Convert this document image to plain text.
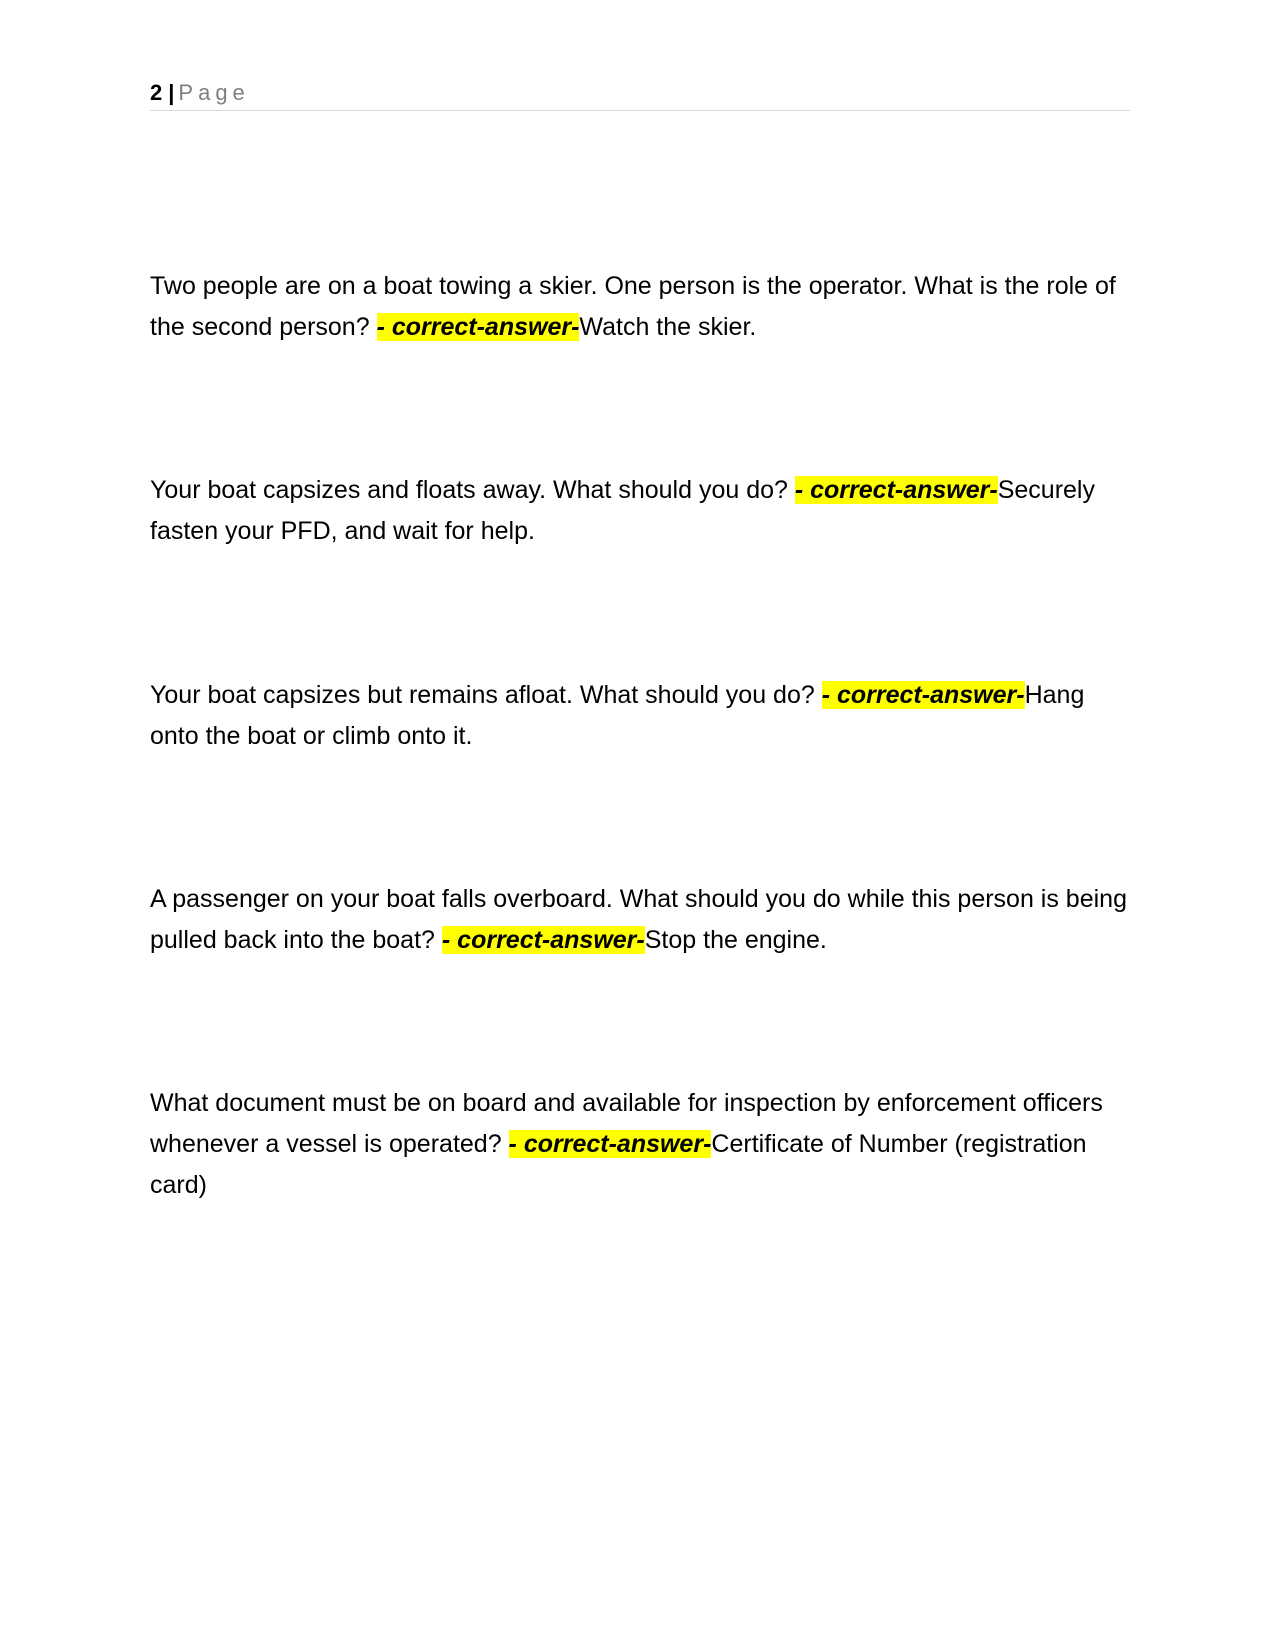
2 | Page

Two people are on a boat towing a skier. One person is the operator. What is the role of the second person? - correct-answer-Watch the skier.

Your boat capsizes and floats away. What should you do? - correct-answer-Securely fasten your PFD, and wait for help.

Your boat capsizes but remains afloat. What should you do? - correct-answer-Hang onto the boat or climb onto it.

A passenger on your boat falls overboard. What should you do while this person is being pulled back into the boat? - correct-answer-Stop the engine.

What document must be on board and available for inspection by enforcement officers whenever a vessel is operated? - correct-answer-Certificate of Number (registration card)
